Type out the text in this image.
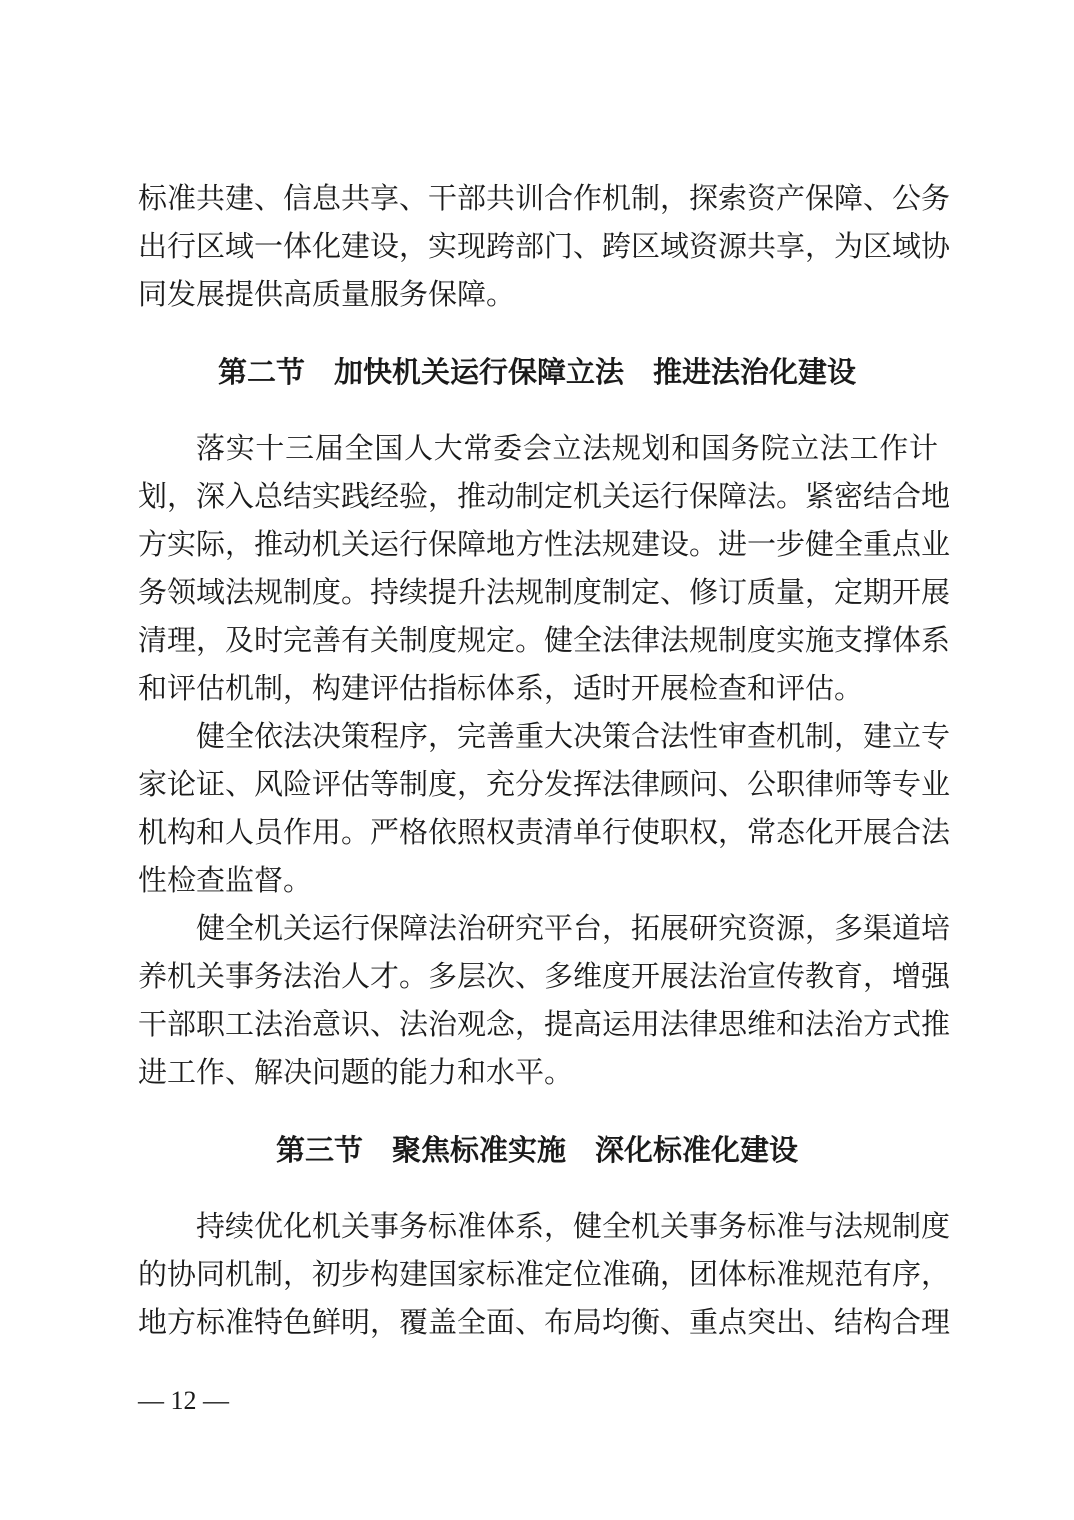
标准共建、信息共享、干部共训合作机制，探索资产保障、公务
出行区域一体化建设，实现跨部门、跨区域资源共享，为区域协
同发展提供高质量服务保障。
第二节　加快机关运行保障立法　推进法治化建设
落实十三届全国人大常委会立法规划和国务院立法工作计
划，深入总结实践经验，推动制定机关运行保障法。紧密结合地
方实际，推动机关运行保障地方性法规建设。进一步健全重点业
务领域法规制度。持续提升法规制度制定、修订质量，定期开展
清理，及时完善有关制度规定。健全法律法规制度实施支撑体系
和评估机制，构建评估指标体系，适时开展检查和评估。
健全依法决策程序，完善重大决策合法性审查机制，建立专
家论证、风险评估等制度，充分发挥法律顾问、公职律师等专业
机构和人员作用。严格依照权责清单行使职权，常态化开展合法
性检查监督。
健全机关运行保障法治研究平台，拓展研究资源，多渠道培
养机关事务法治人才。多层次、多维度开展法治宣传教育，增强
干部职工法治意识、法治观念，提高运用法律思维和法治方式推
进工作、解决问题的能力和水平。
第三节　聚焦标准实施　深化标准化建设
持续优化机关事务标准体系，健全机关事务标准与法规制度
的协同机制，初步构建国家标准定位准确，团体标准规范有序，
地方标准特色鲜明，覆盖全面、布局均衡、重点突出、结构合理
— 12 —
